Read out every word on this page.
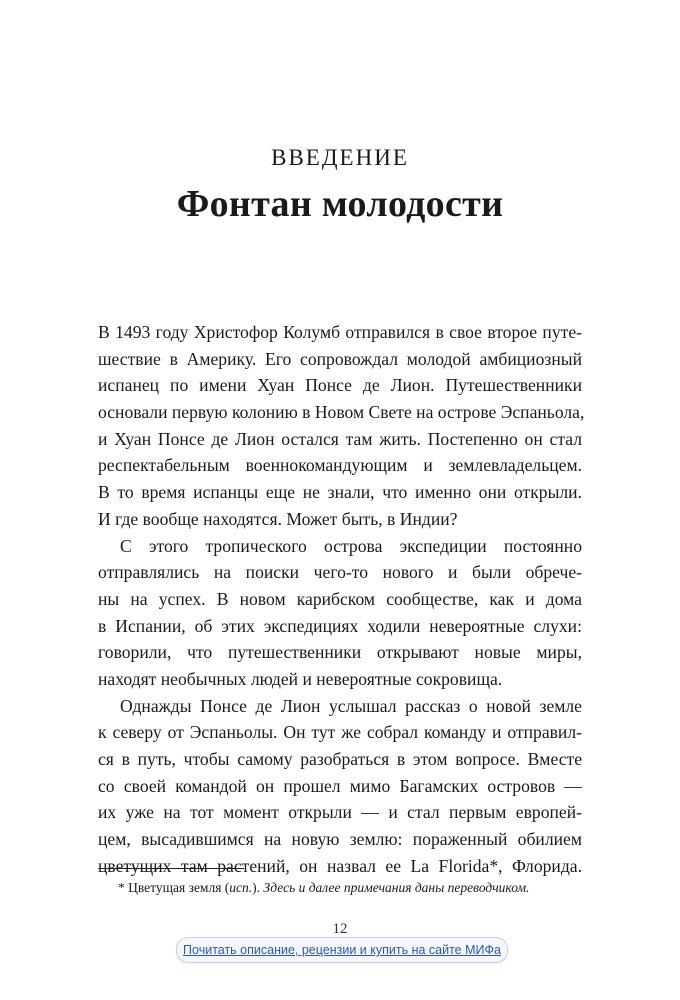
ВВЕДЕНИЕ
Фонтан молодости
В 1493 году Христофор Колумб отправился в свое второе путе-
шествие в Америку. Его сопровождал молодой амбициозный
испанец по имени Хуан Понсе де Лион. Путешественники
основали первую колонию в Новом Свете на острове Эспаньола,
и Хуан Понсе де Лион остался там жить. Постепенно он стал
респектабельным военнокомандующим и землевладельцем.
В то время испанцы еще не знали, что именно они открыли.
И где вообще находятся. Может быть, в Индии?
С этого тропического острова экспедиции постоянно
отправлялись на поиски чего-то нового и были обрече-
ны на успех. В новом карибском сообществе, как и дома
в Испании, об этих экспедициях ходили невероятные слухи:
говорили, что путешественники открывают новые миры,
находят необычных людей и невероятные сокровища.
Однажды Понсе де Лион услышал рассказ о новой земле
к северу от Эспаньолы. Он тут же собрал команду и отправил-
ся в путь, чтобы самому разобраться в этом вопросе. Вместе
со своей командой он прошел мимо Багамских островов —
их уже на тот момент открыли — и стал первым европей-
цем, высадившимся на новую землю: пораженный обилием
цветущих там растений, он назвал ее La Florida*, Флорида.
* Цветущая земля (исп.). Здесь и далее примечания даны переводчиком.
12
Почитать описание, рецензии и купить на сайте МИФа
